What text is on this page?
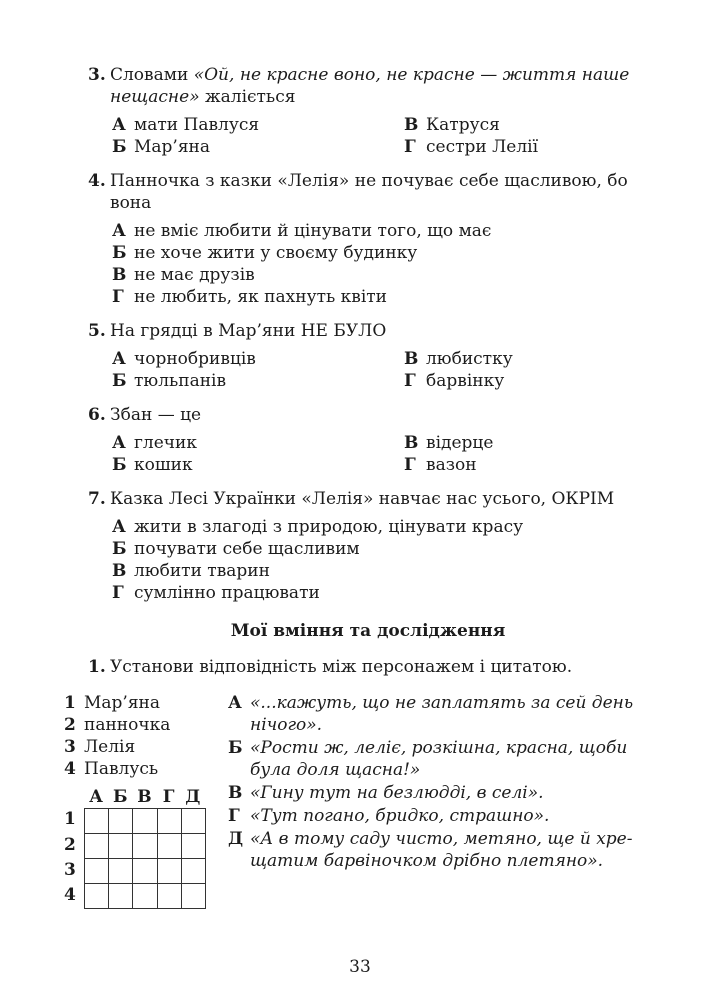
3. Словами «Ой, не красне воно, не красне — життя наше нещасне» жаліється
А мати Павлуся	В Катруся
Б Мар’яна	Г сестри Лелії
4. Панночка з казки «Лелія» не почуває себе щасливою, бо вона
А не вміє любити й цінувати того, що має
Б не хоче жити у своєму будинку
В не має друзів
Г не любить, як пахнуть квіти
5. На грядці в Мар’яни НЕ БУЛО
А чорнобривців	В любистку
Б тюльпанів	Г барвінку
6. Збан — це
А глечик	В відерце
Б кошик	Г вазон
7. Казка Лесі Українки «Лелія» навчає нас усього, ОКРІМ
А жити в злагоді з природою, цінувати красу
Б почувати себе щасливим
В любити тварин
Г сумлінно працювати
Мої вміння та дослідження
1. Установи відповідність між персонажем і цитатою.
1 Мар’яна
2 панночка
3 Лелія
4 Павлусь
А Б В Г Д
1
2
3
4
А «...кажуть, що не заплатять за сей день нічого».
Б «Рости ж, леліє, розкішна, красна, щоби була доля щасна!»
В «Гину тут на безлюдді, в селі».
Г «Тут погано, бридко, страшно».
Д «А в тому саду чисто, метяно, ще й хре-щатим барвіночком дрібно плетяно».
33
